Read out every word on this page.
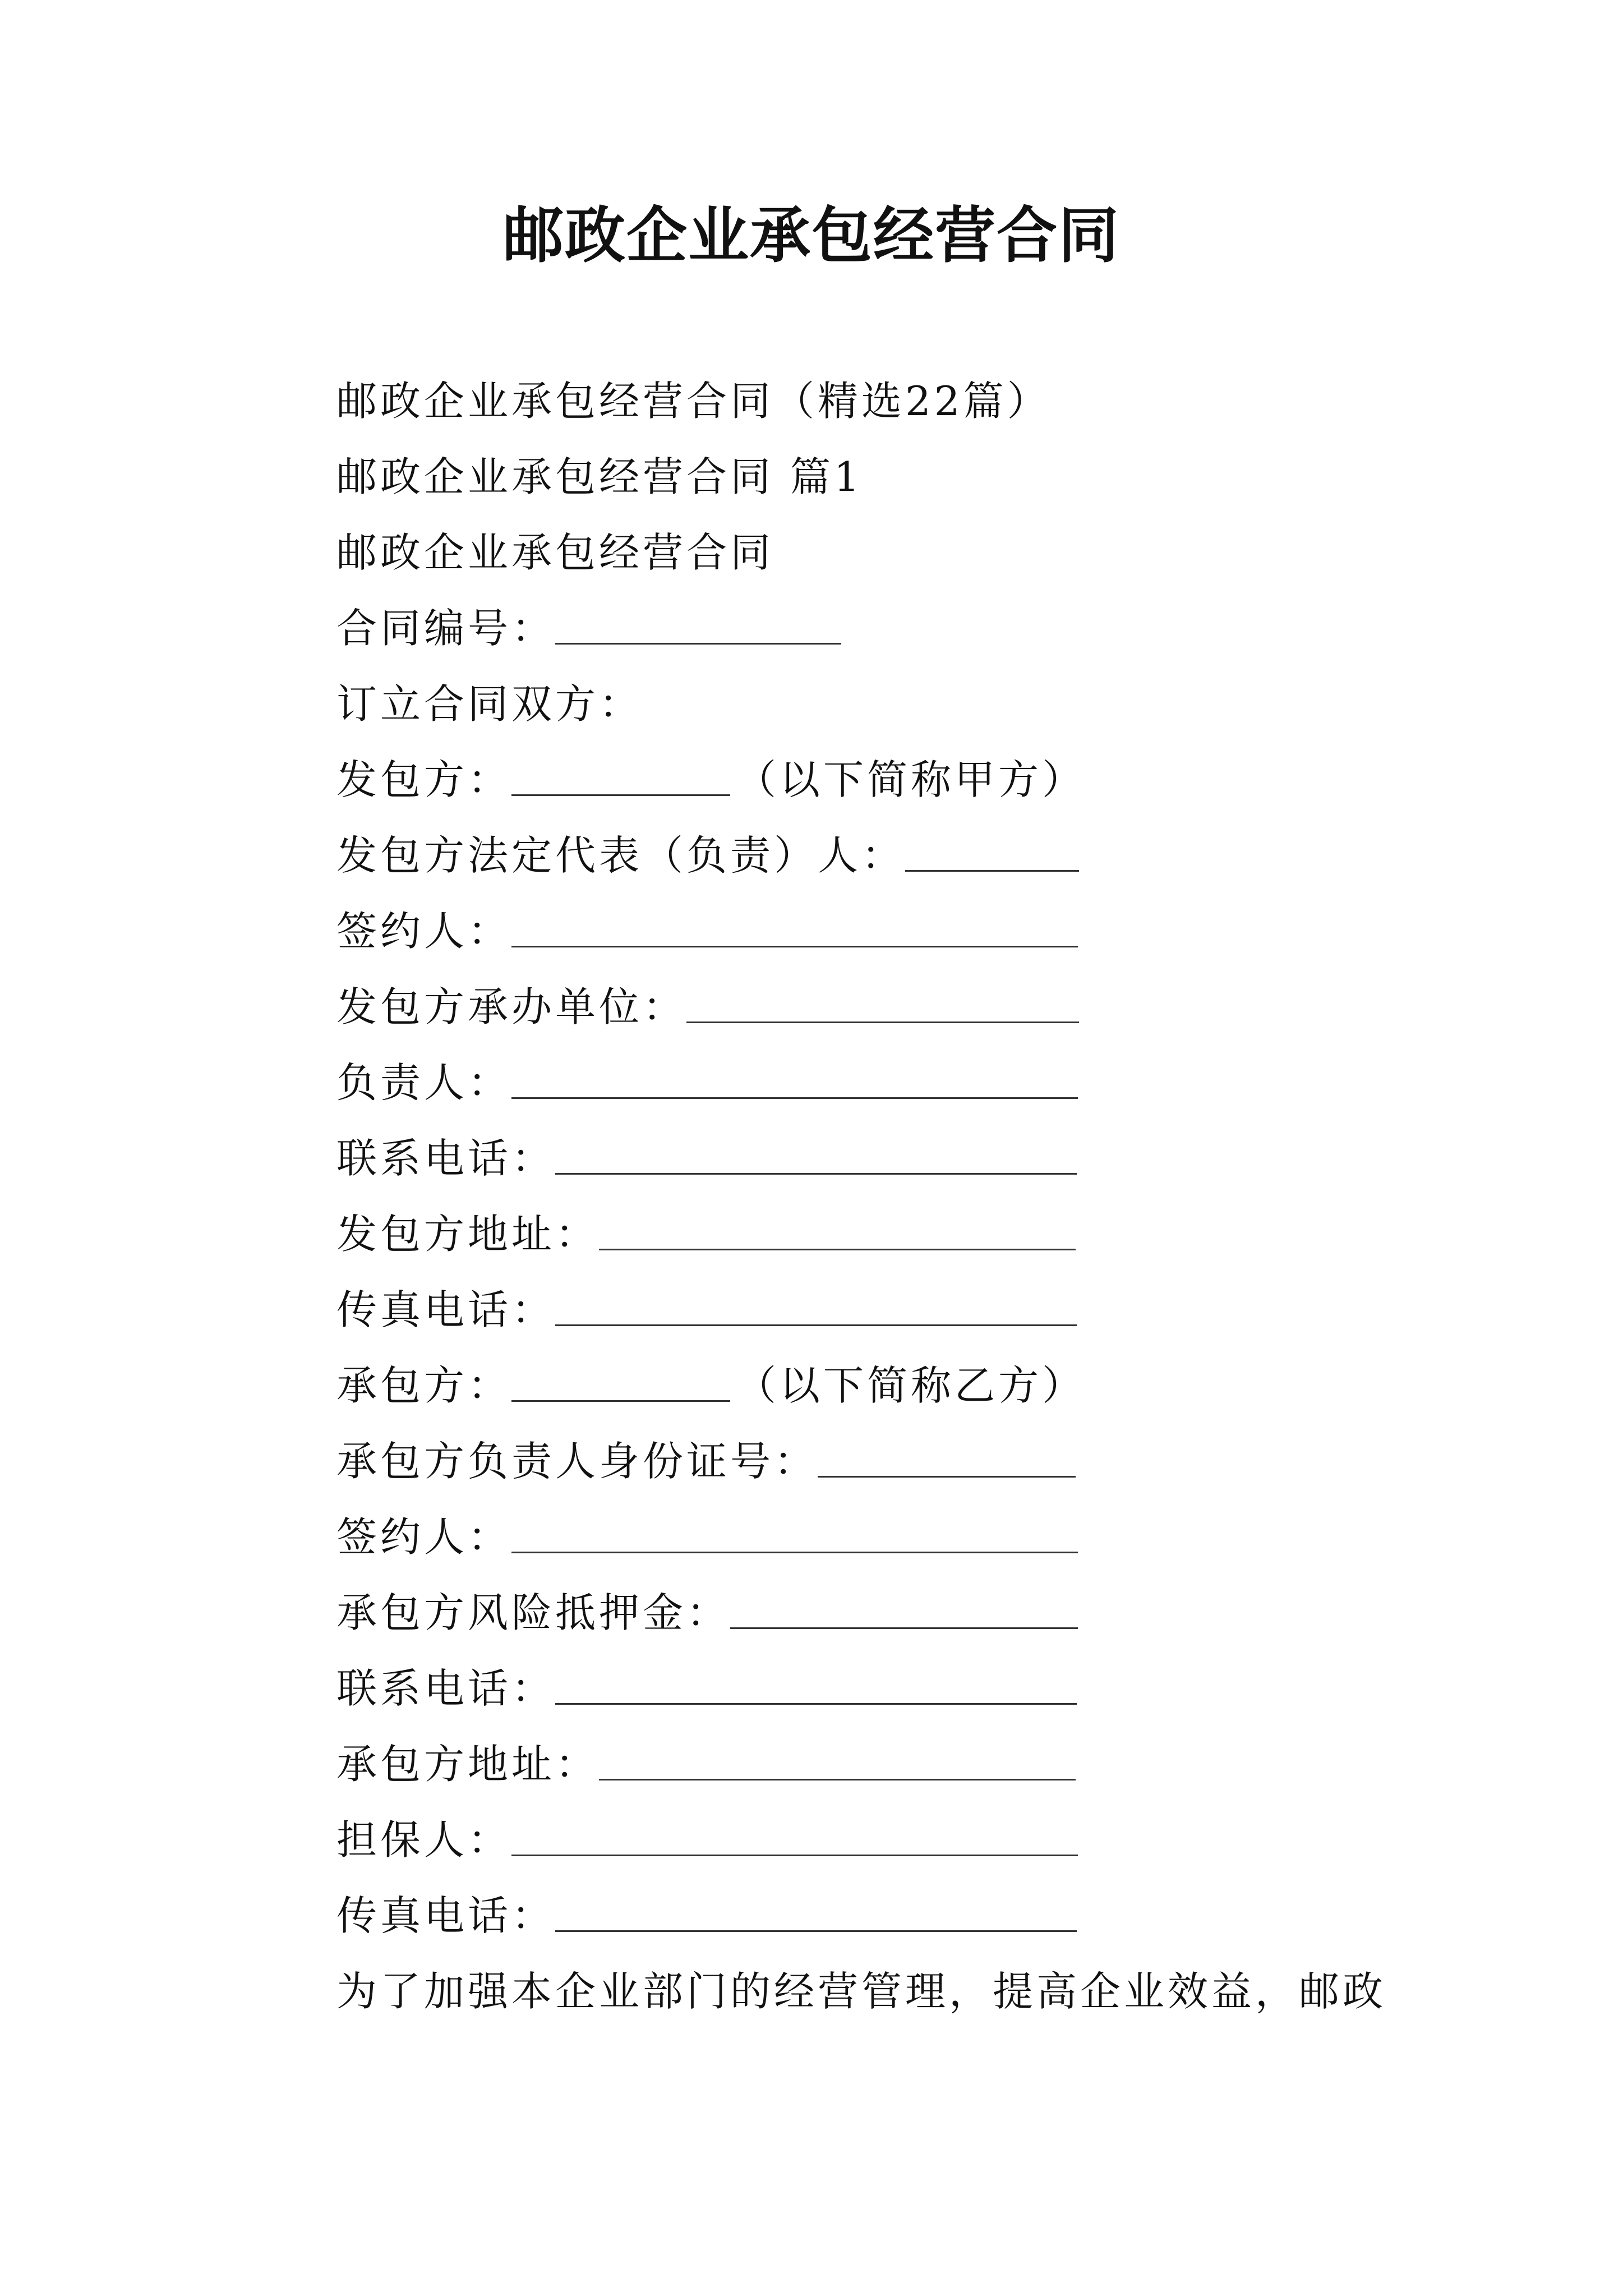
邮政企业承包经营合同
邮政企业承包经营合同（精选22篇）
邮政企业承包经营合同 篇1
邮政企业承包经营合同
合同编号：
订立合同双方：
发包方：	（以下简称甲方）
发包方法定代表（负责）人：
签约人：
发包方承办单位：
负责人：
联系电话：
发包方地址：
传真电话：
承包方：	（以下简称乙方）
承包方负责人身份证号：
签约人：
承包方风险抵押金：
联系电话：
承包方地址：
担保人：
传真电话：
为了加强本企业部门的经营管理，提高企业效益，邮政
